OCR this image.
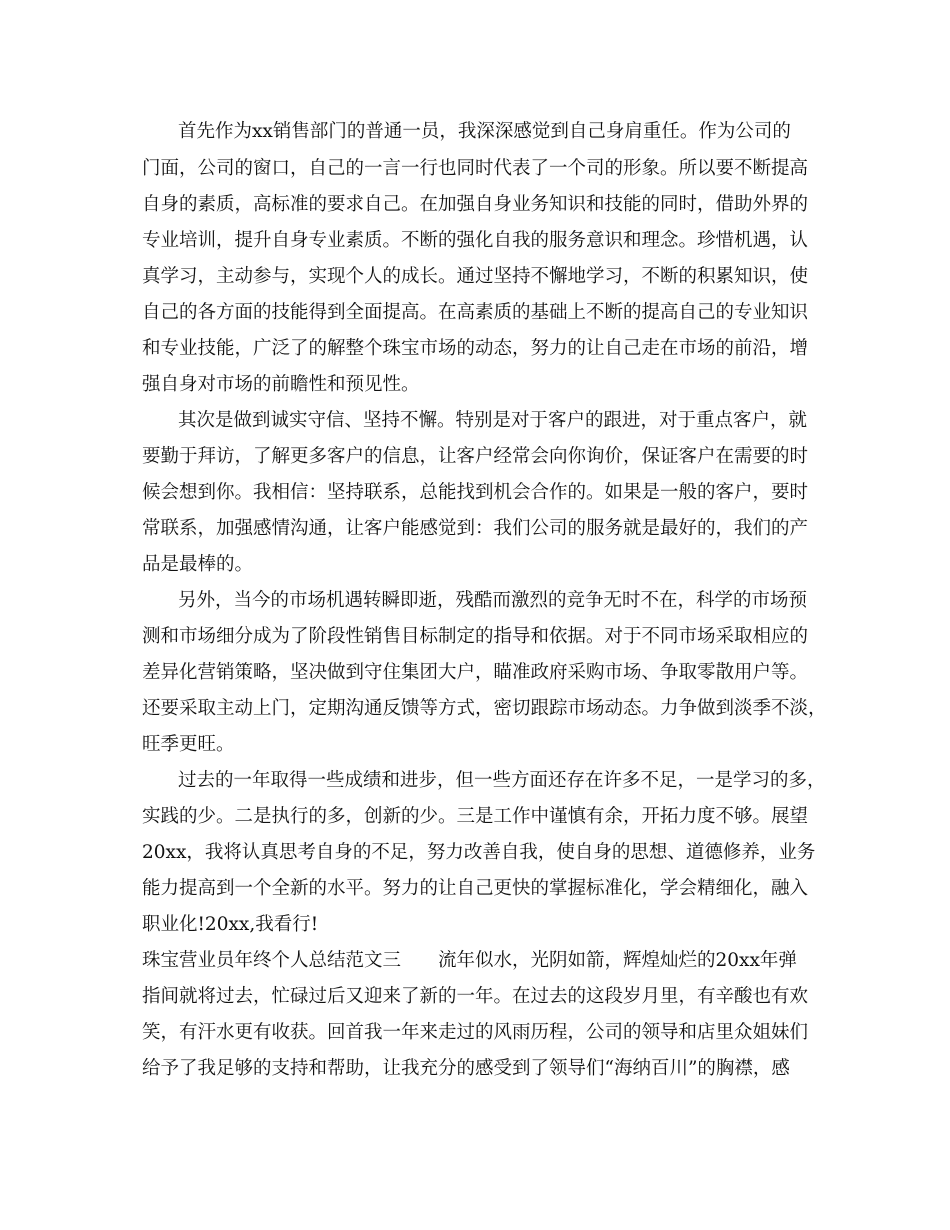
首先作为xx销售部门的普通一员，我深深感觉到自己身肩重任。作为公司的
门面，公司的窗口，自己的一言一行也同时代表了一个司的形象。所以要不断提高
自身的素质，高标准的要求自己。在加强自身业务知识和技能的同时，借助外界的
专业培训，提升自身专业素质。不断的强化自我的服务意识和理念。珍惜机遇，认
真学习，主动参与，实现个人的成长。通过坚持不懈地学习，不断的积累知识，使
自己的各方面的技能得到全面提高。在高素质的基础上不断的提高自己的专业知识
和专业技能，广泛了的解整个珠宝市场的动态，努力的让自己走在市场的前沿，增
强自身对市场的前瞻性和预见性。
其次是做到诚实守信、坚持不懈。特别是对于客户的跟进，对于重点客户，就
要勤于拜访，了解更多客户的信息，让客户经常会向你询价，保证客户在需要的时
候会想到你。我相信：坚持联系，总能找到机会合作的。如果是一般的客户，要时
常联系，加强感情沟通，让客户能感觉到：我们公司的服务就是最好的，我们的产
品是最棒的。
另外，当今的市场机遇转瞬即逝，残酷而激烈的竞争无时不在，科学的市场预
测和市场细分成为了阶段性销售目标制定的指导和依据。对于不同市场采取相应的
差异化营销策略，坚决做到守住集团大户，瞄准政府采购市场、争取零散用户等。
还要采取主动上门，定期沟通反馈等方式，密切跟踪市场动态。力争做到淡季不淡，
旺季更旺。
过去的一年取得一些成绩和进步，但一些方面还存在许多不足，一是学习的多，
实践的少。二是执行的多，创新的少。三是工作中谨慎有余，开拓力度不够。展望
20xx，我将认真思考自身的不足，努力改善自我，使自身的思想、道德修养，业务
能力提高到一个全新的水平。努力的让自己更快的掌握标准化，学会精细化，融入
职业化!20xx,我看行!
珠宝营业员年终个人总结范文三　　流年似水，光阴如箭，辉煌灿烂的20xx年弹
指间就将过去，忙碌过后又迎来了新的一年。在过去的这段岁月里，有辛酸也有欢
笑，有汗水更有收获。回首我一年来走过的风雨历程，公司的领导和店里众姐妹们
给予了我足够的支持和帮助，让我充分的感受到了领导们“海纳百川”的胸襟，感
